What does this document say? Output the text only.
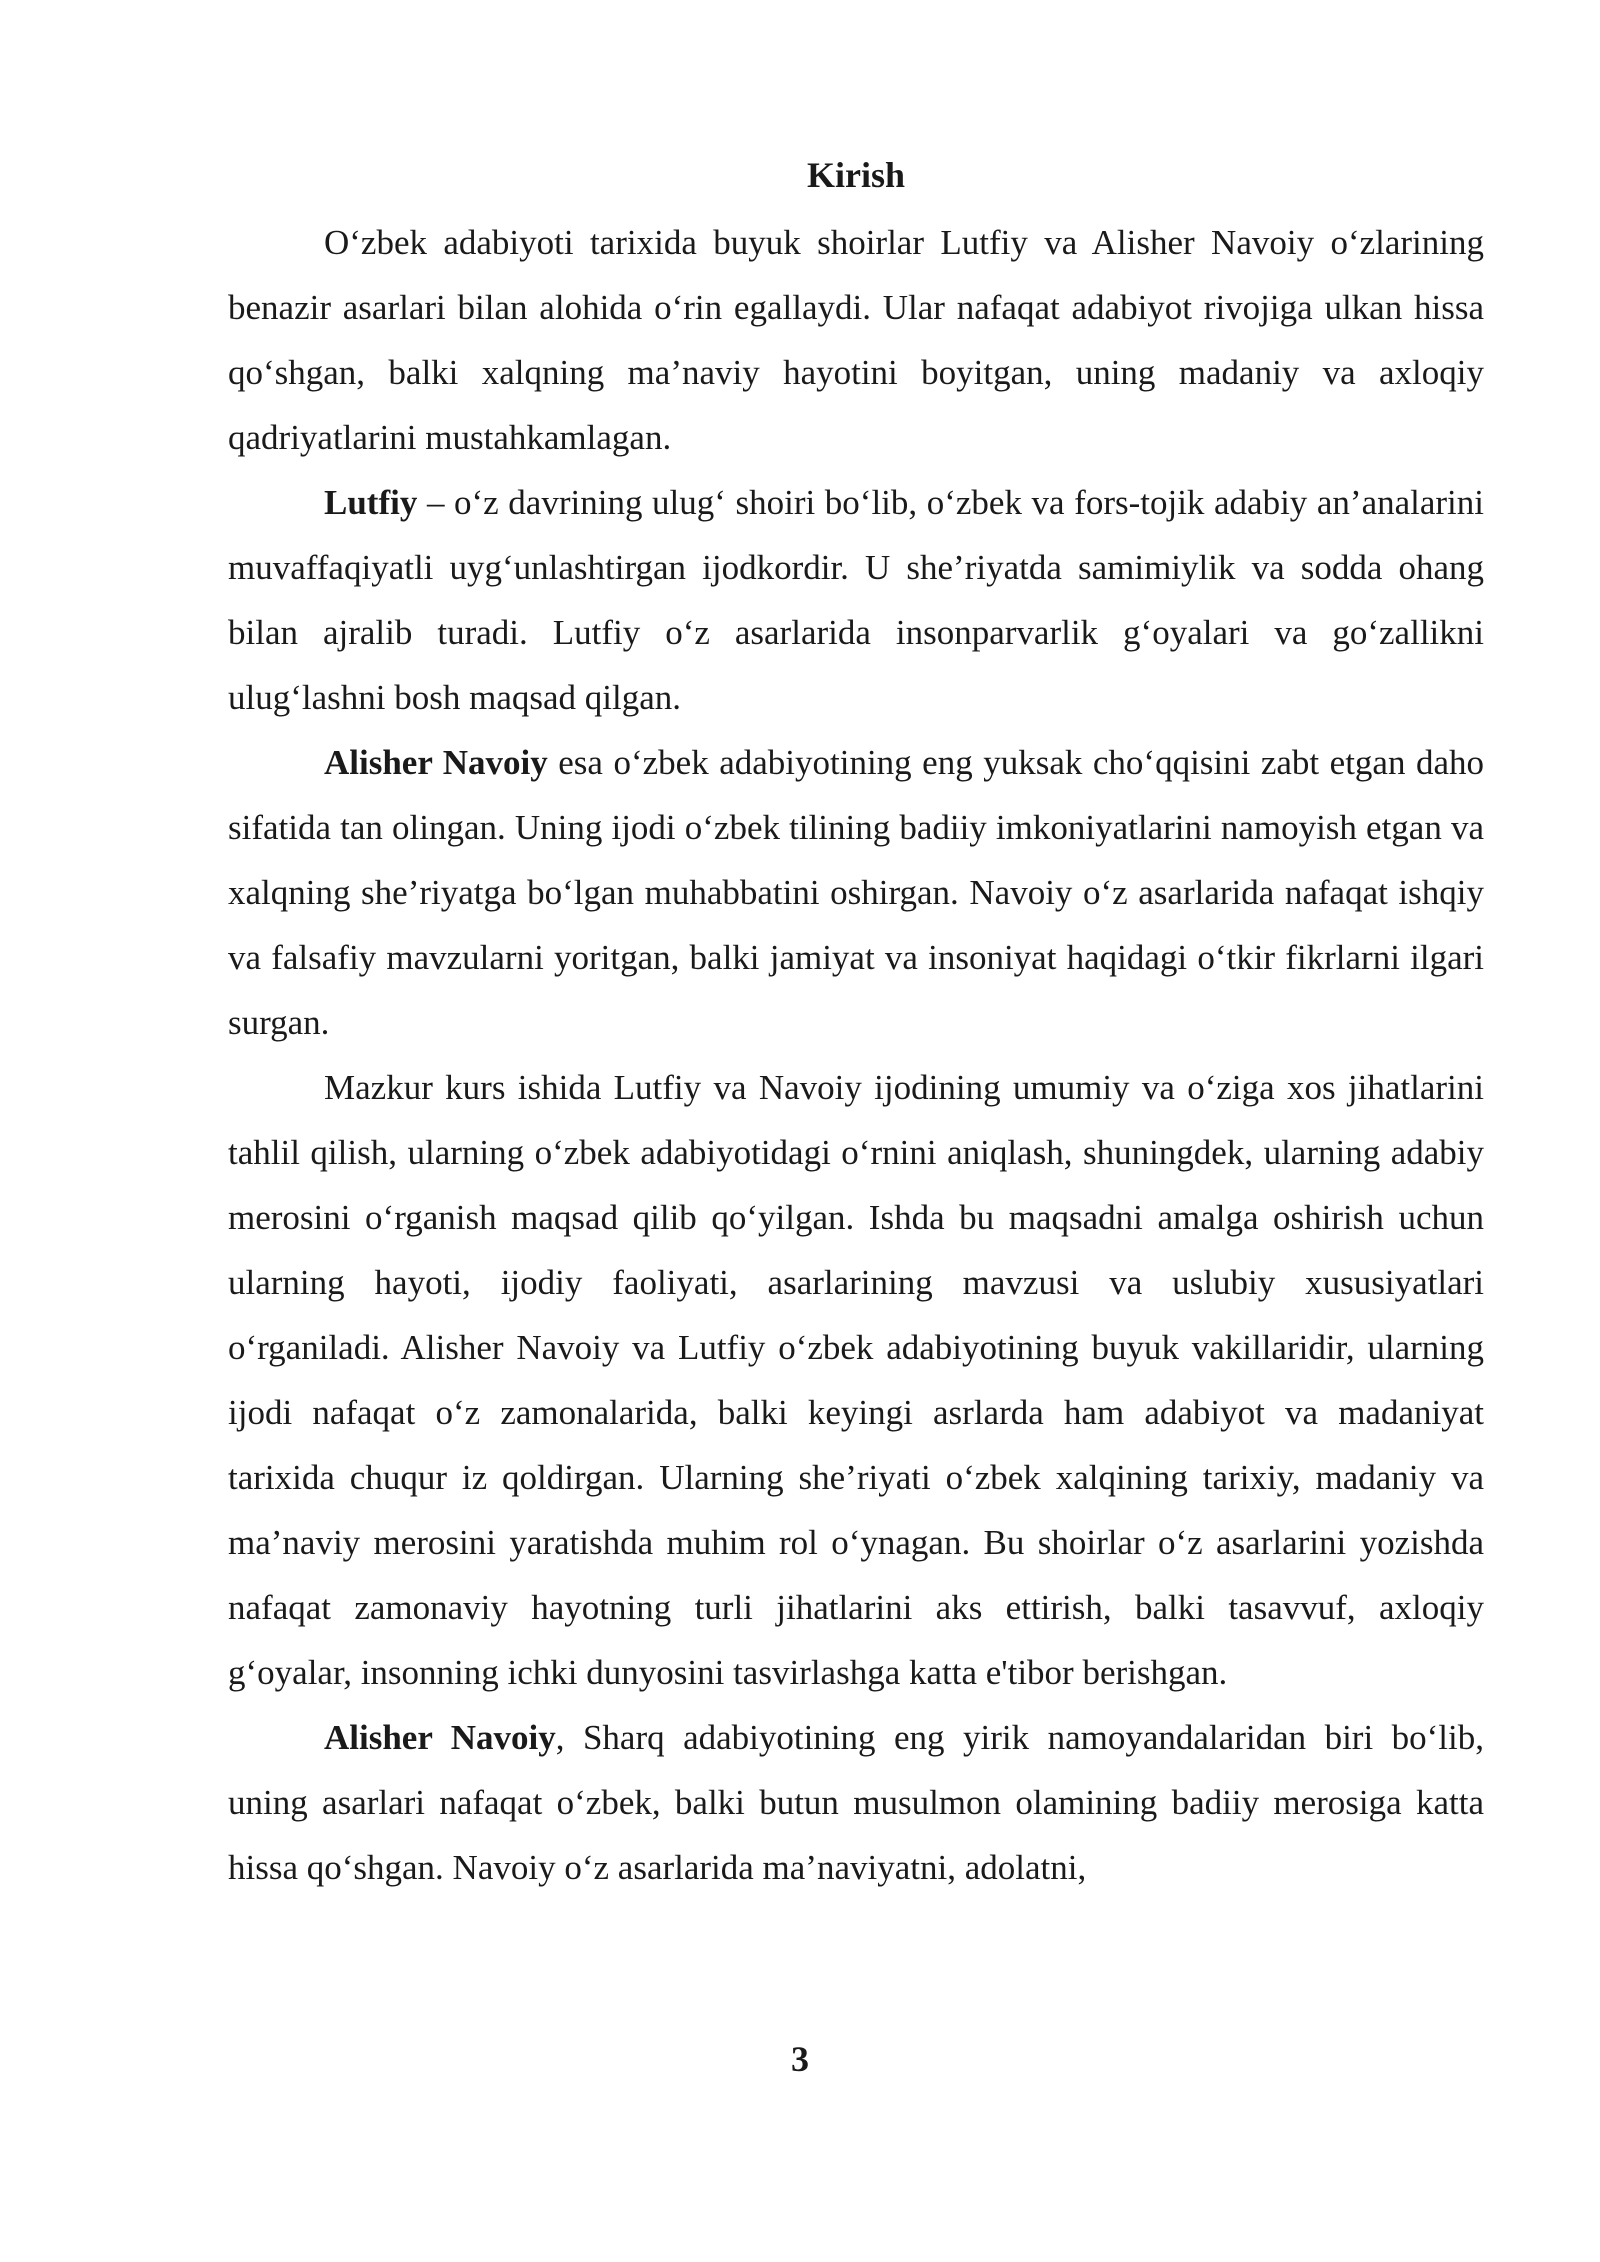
Kirish

O‘zbek adabiyoti tarixida buyuk shoirlar Lutfiy va Alisher Navoiy o‘zlarining benazir asarlari bilan alohida o‘rin egallaydi. Ular nafaqat adabiyot rivojiga ulkan hissa qo‘shgan, balki xalqning ma’naviy hayotini boyitgan, uning madaniy va axloqiy qadriyatlarini mustahkamlagan.

Lutfiy – o‘z davrining ulug‘ shoiri bo‘lib, o‘zbek va fors-tojik adabiy an’analarini muvaffaqiyatli uyg‘unlashtirgan ijodkordir. U she’riyatda samimiylik va sodda ohang bilan ajralib turadi. Lutfiy o‘z asarlarida insonparvarlik g‘oyalari va go‘zallikni ulug‘lashni bosh maqsad qilgan.

Alisher Navoiy esa o‘zbek adabiyotining eng yuksak cho‘qqisini zabt etgan daho sifatida tan olingan. Uning ijodi o‘zbek tilining badiiy imkoniyatlarini namoyish etgan va xalqning she’riyatga bo‘lgan muhabbatini oshirgan. Navoiy o‘z asarlarida nafaqat ishqiy va falsafiy mavzularni yoritgan, balki jamiyat va insoniyat haqidagi o‘tkir fikrlarni ilgari surgan.

Mazkur kurs ishida Lutfiy va Navoiy ijodining umumiy va o‘ziga xos jihatlarini tahlil qilish, ularning o‘zbek adabiyotidagi o‘rnini aniqlash, shuningdek, ularning adabiy merosini o‘rganish maqsad qilib qo‘yilgan. Ishda bu maqsadni amalga oshirish uchun ularning hayoti, ijodiy faoliyati, asarlarining mavzusi va uslubiy xususiyatlari o‘rganiladi. Alisher Navoiy va Lutfiy o‘zbek adabiyotining buyuk vakillaridir, ularning ijodi nafaqat o‘z zamonalarida, balki keyingi asrlarda ham adabiyot va madaniyat tarixida chuqur iz qoldirgan. Ularning she’riyati o‘zbek xalqining tarixiy, madaniy va ma’naviy merosini yaratishda muhim rol o‘ynagan. Bu shoirlar o‘z asarlarini yozishda nafaqat zamonaviy hayotning turli jihatlarini aks ettirish, balki tasavvuf, axloqiy g‘oyalar, insonning ichki dunyosini tasvirlashga katta e'tibor berishgan.

Alisher Navoiy, Sharq adabiyotining eng yirik namoyandalaridan biri bo‘lib, uning asarlari nafaqat o‘zbek, balki butun musulmon olamining badiiy merosiga katta hissa qo‘shgan. Navoiy o‘z asarlarida ma’naviyatni, adolatni,

3
